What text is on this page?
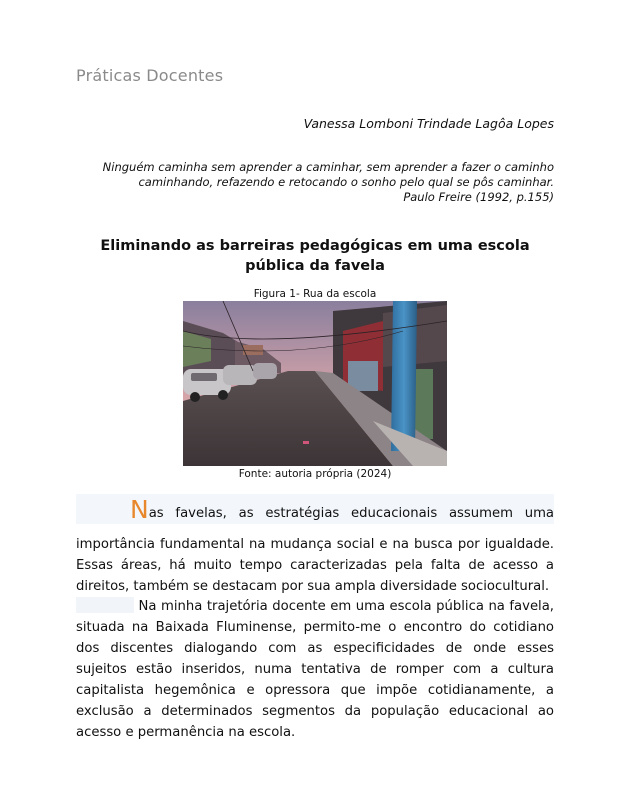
Práticas Docentes
Vanessa Lomboni Trindade Lagôa Lopes
Ninguém caminha sem aprender a caminhar, sem aprender a fazer o caminho
caminhando, refazendo e retocando o sonho pelo qual se pôs caminhar.
Paulo Freire (1992, p.155)
Eliminando as barreiras pedagógicas em uma escola pública da favela
Figura 1- Rua da escola
Fonte: autoria própria (2024)
Nas favelas, as estratégias educacionais assumem uma
importância fundamental na mudança social e na busca por igualdade. Essas áreas, há muito tempo caracterizadas pela falta de acesso a direitos, também se destacam por sua ampla diversidade sociocultural.
Na minha trajetória docente em uma escola pública na favela, situada na Baixada Fluminense, permito-me o encontro do cotidiano dos discentes dialogando com as especificidades de onde esses sujeitos estão inseridos, numa tentativa de romper com a cultura capitalista hegemônica e opressora que impõe cotidianamente, a exclusão a determinados segmentos da população educacional ao acesso e permanência na escola.
